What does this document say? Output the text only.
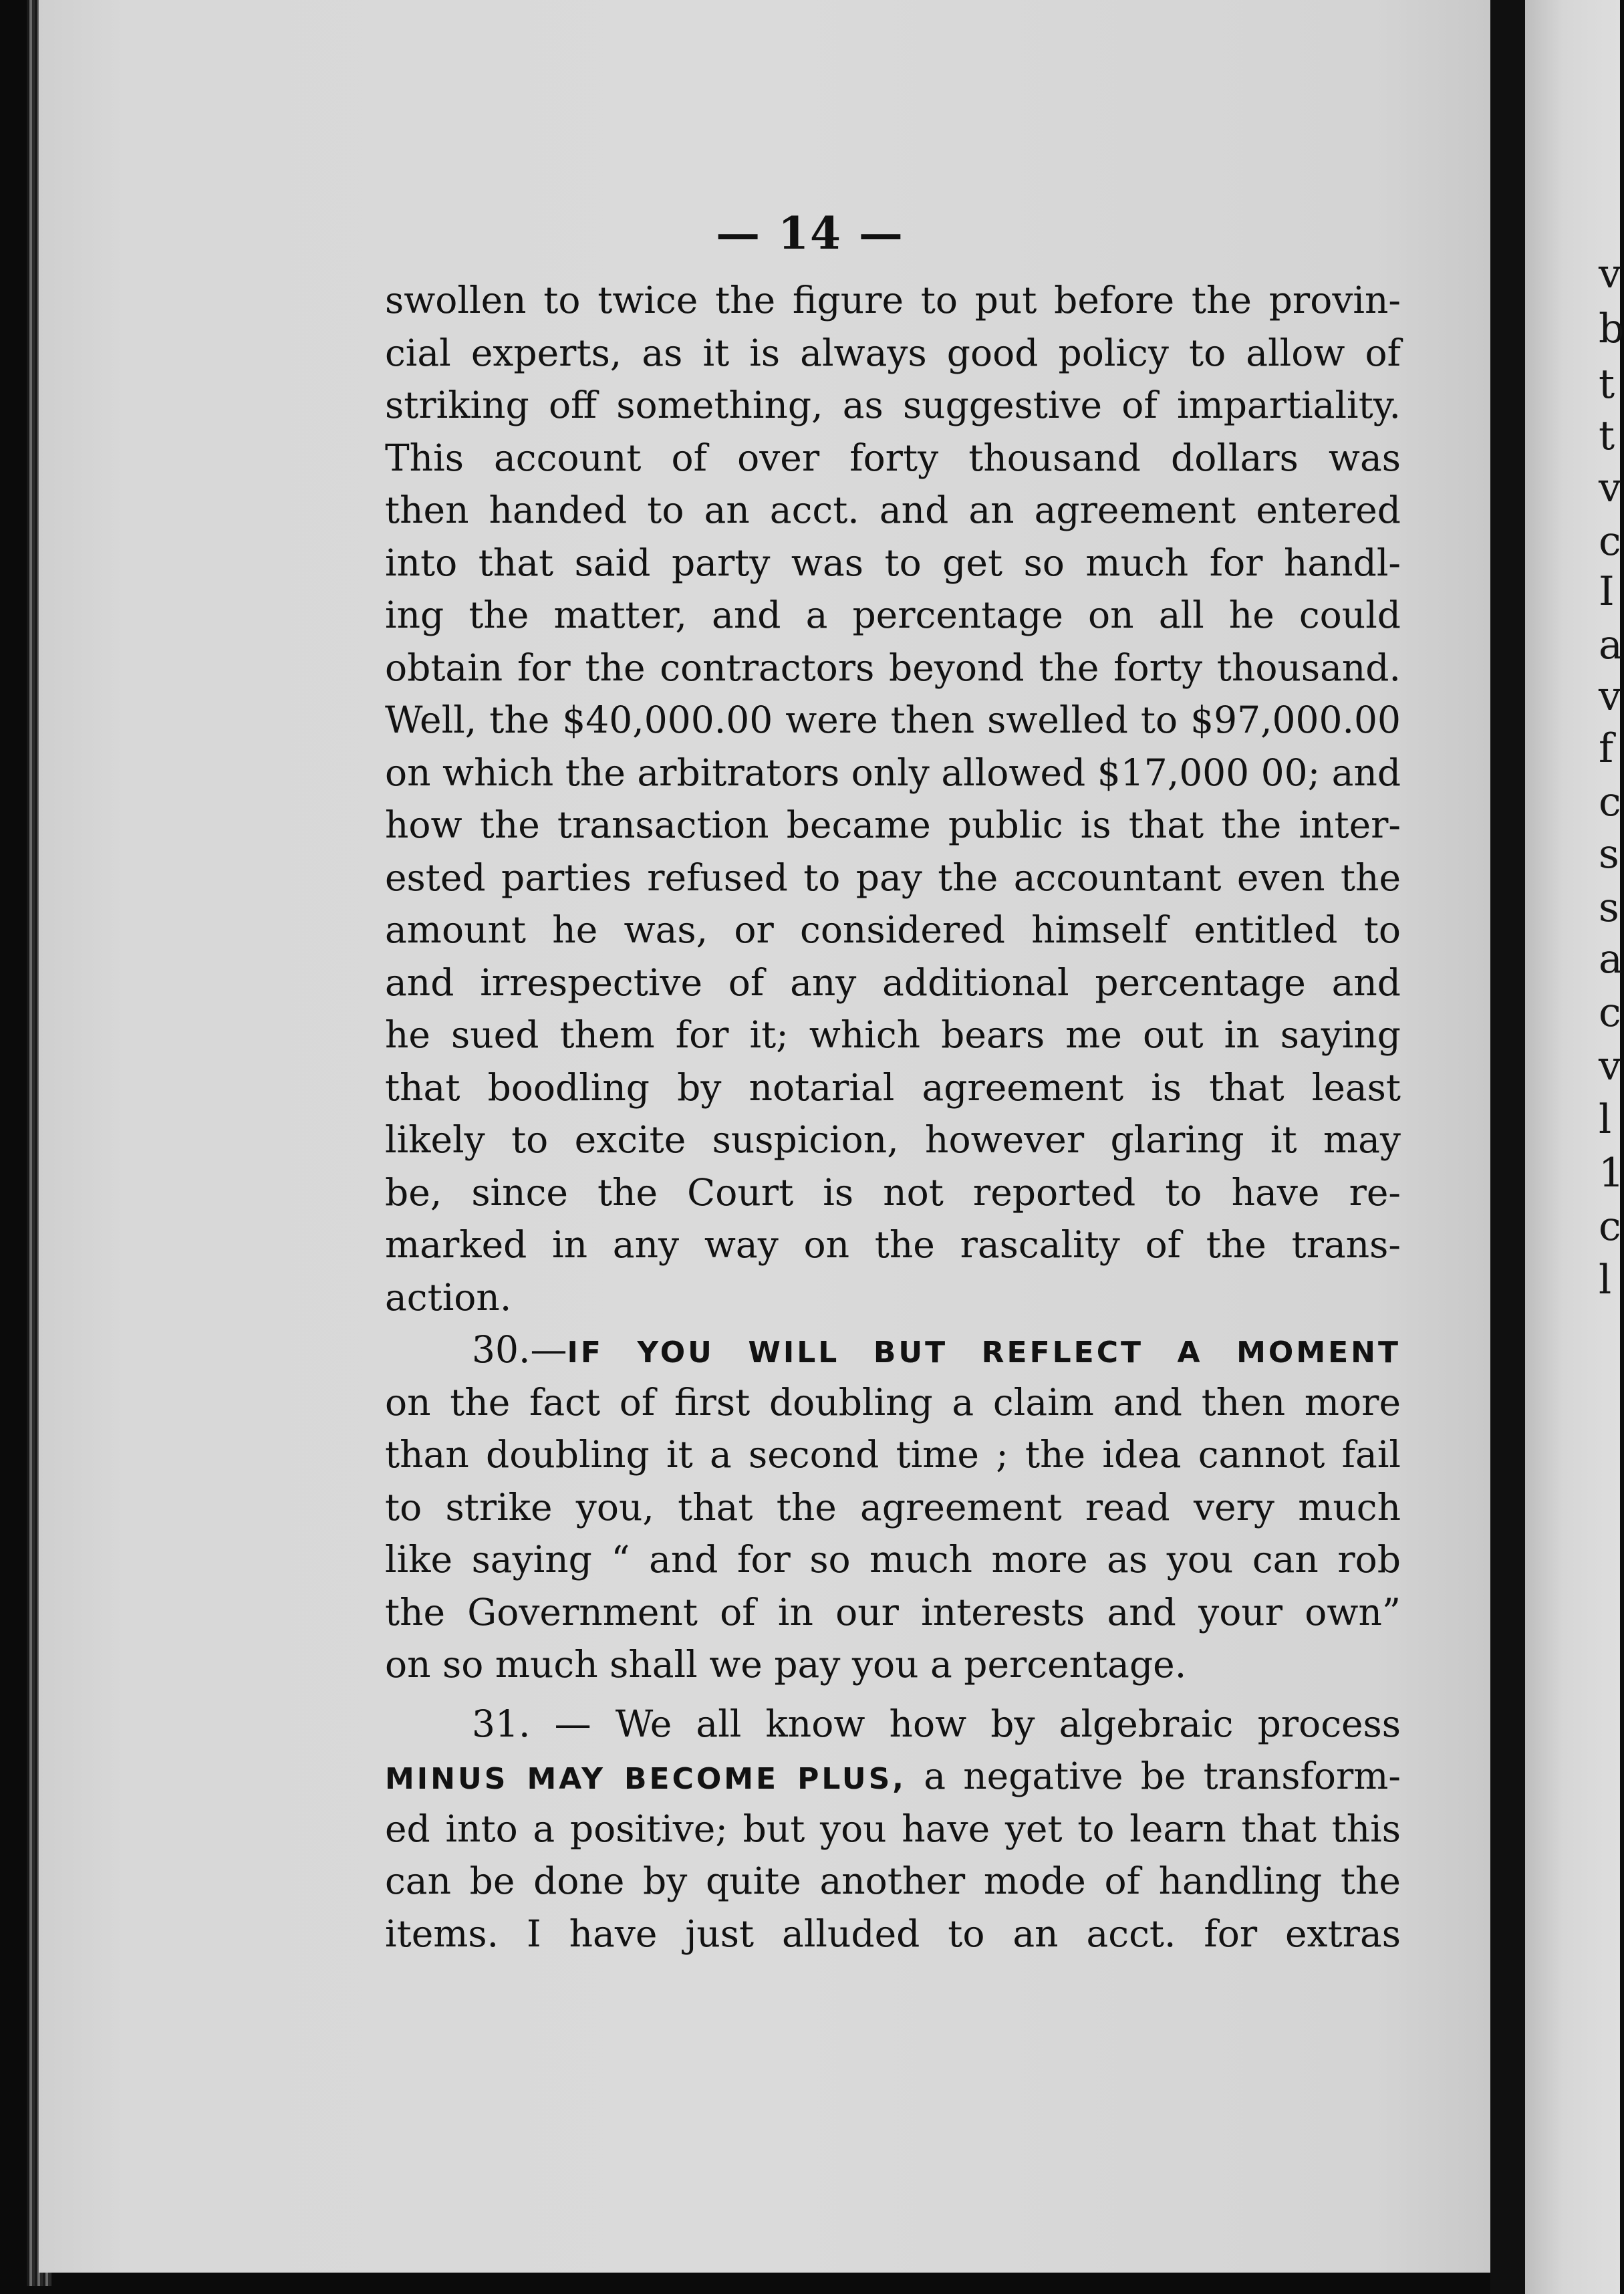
v
b
t
t
v
c
I
a
v
f
c
s
s
a
c
v
l
1
c
l
— 14 —
swollen to twice the figure to put before the provin-
cial experts, as it is always good policy to allow of
striking off something, as suggestive of impartiality.
This account of over forty thousand dollars was
then handed to an acct. and an agreement entered
into that said party was to get so much for handl-
ing the matter, and a percentage on all he could
obtain for the contractors beyond the forty thousand.
Well, the $40,000.00 were then swelled to $97,000.00
on which the arbitrators only allowed $17,000 00; and
how the transaction became public is that the inter-
ested parties refused to pay the accountant even the
amount he was, or considered himself entitled to
and irrespective of any additional percentage and
he sued them for it; which bears me out in saying
that boodling by notarial agreement is that least
likely to excite suspicion, however glaring it may
be, since the Court is not reported to have re-
marked in any way on the rascality of the trans-
action.
30.—IF YOU WILL BUT REFLECT A MOMENT
on the fact of first doubling a claim and then more
than doubling it a second time ; the idea cannot fail
to strike you, that the agreement read very much
like saying “ and for so much more as you can rob
the Government of in our interests and your own”
on so much shall we pay you a percentage.
31. — We all know how by algebraic process
MINUS MAY BECOME PLUS, a negative be transform-
ed into a positive; but you have yet to learn that this
can be done by quite another mode of handling the
items. I have just alluded to an acct. for extras
